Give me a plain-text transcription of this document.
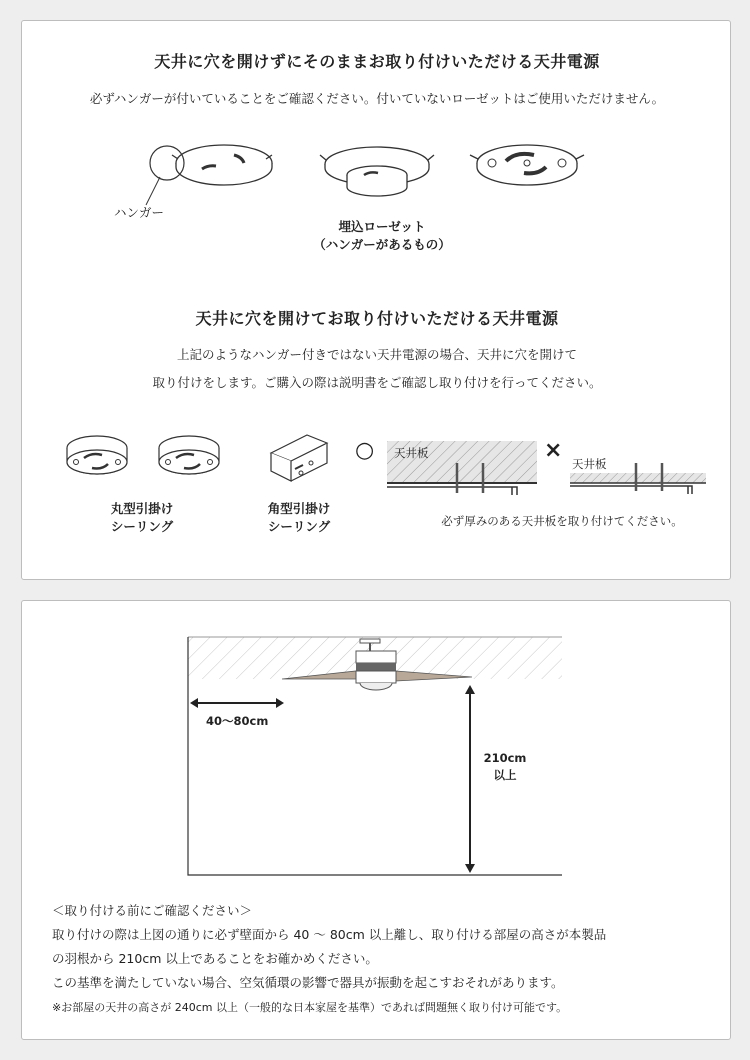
天井に穴を開けずにそのままお取り付けいただける天井電源
必ずハンガーが付いていることをご確認ください。付いていないローゼットはご使用いただけません。
ハンガー
埋込ローゼット
（ハンガーがあるもの）
天井に穴を開けてお取り付けいただける天井電源
上記のようなハンガー付きではない天井電源の場合、天井に穴を開けて
取り付けをします。ご購入の際は説明書をご確認し取り付けを行ってください。
丸型引掛け
シーリング
角型引掛け
シーリング
○ 天井板	×
天井板
必ず厚みのある天井板を取り付けてください。
40〜80cm
210cm
以上
＜取り付ける前にご確認ください＞
取り付けの際は上図の通りに必ず壁面から 40 〜 80cm 以上離し、取り付ける部屋の高さが本製品
の羽根から 210cm 以上であることをお確かめください。
この基準を満たしていない場合、空気循環の影響で器具が振動を起こすおそれがあります。
※お部屋の天井の高さが 240cm 以上（一般的な日本家屋を基準）であれば問題無く取り付け可能です。
